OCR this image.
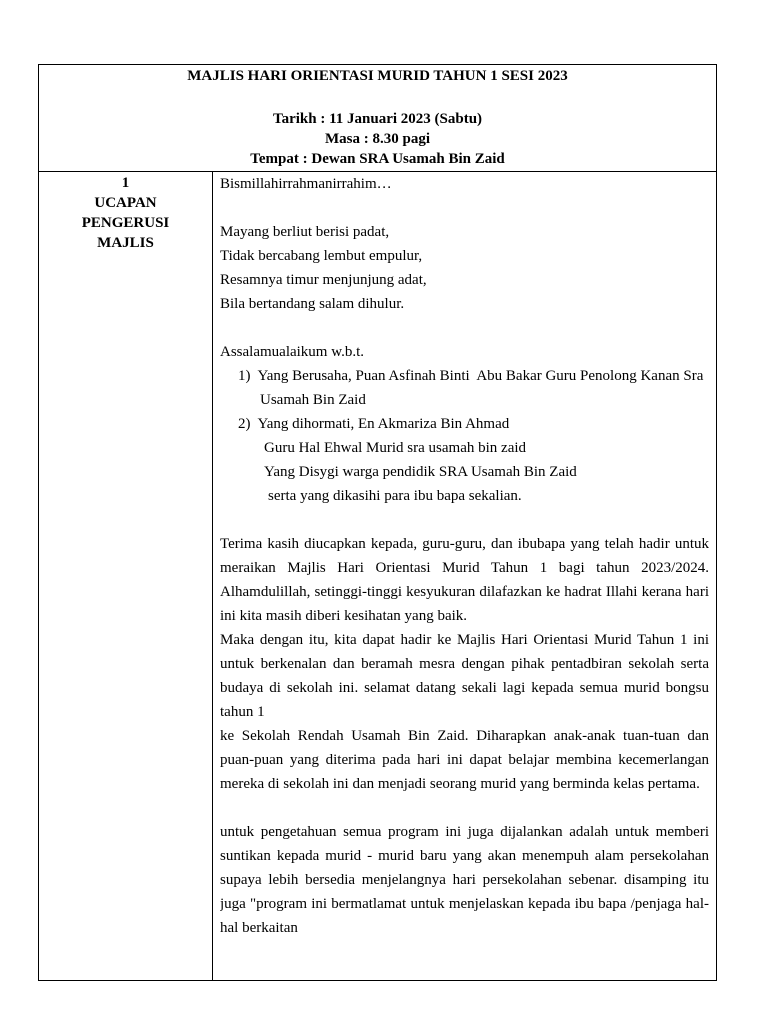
MAJLIS HARI ORIENTASI MURID TAHUN 1 SESI 2023
Tarikh : 11 Januari 2023 (Sabtu)
Masa : 8.30 pagi
Tempat : Dewan SRA Usamah Bin Zaid
1
UCAPAN
PENGERUSI
MAJLIS

Bismillahirrahmanirrahim…

Mayang berliut berisi padat,

Tidak bercabang lembut empulur,

Resamnya timur menjunjung adat,

Bila bertandang salam dihulur.

Assalamualaikum w.b.t.

1)  Yang Berusaha, Puan Asfinah Binti  Abu Bakar Guru Penolong Kanan Sra Usamah Bin Zaid

2)  Yang dihormati, En Akmariza Bin Ahmad

Guru Hal Ehwal Murid sra usamah bin zaid

Yang Disygi warga pendidik SRA Usamah Bin Zaid

serta yang dikasihi para ibu bapa sekalian.

Terima kasih diucapkan kepada, guru-guru, dan ibubapa yang telah hadir untuk meraikan Majlis Hari Orientasi Murid Tahun 1 bagi tahun 2023/2024. Alhamdulillah, setinggi-tinggi kesyukuran dilafazkan ke hadrat Illahi kerana hari ini kita masih diberi kesihatan yang baik.

Maka dengan itu, kita dapat hadir ke Majlis Hari Orientasi Murid Tahun 1 ini untuk berkenalan dan beramah mesra dengan pihak pentadbiran sekolah serta budaya di sekolah ini. selamat datang sekali lagi kepada semua murid bongsu tahun 1

ke Sekolah Rendah Usamah Bin Zaid. Diharapkan anak-anak tuan-tuan dan puan-puan yang diterima pada hari ini dapat belajar membina kecemerlangan mereka di sekolah ini dan menjadi seorang murid yang berminda kelas pertama.

untuk pengetahuan semua program ini juga dijalankan adalah untuk memberi suntikan kepada murid - murid baru yang akan menempuh alam persekolahan supaya lebih bersedia menjelangnya hari persekolahan sebenar. disamping itu juga "program ini bermatlamat untuk menjelaskan kepada ibu bapa /penjaga hal-hal berkaitan
